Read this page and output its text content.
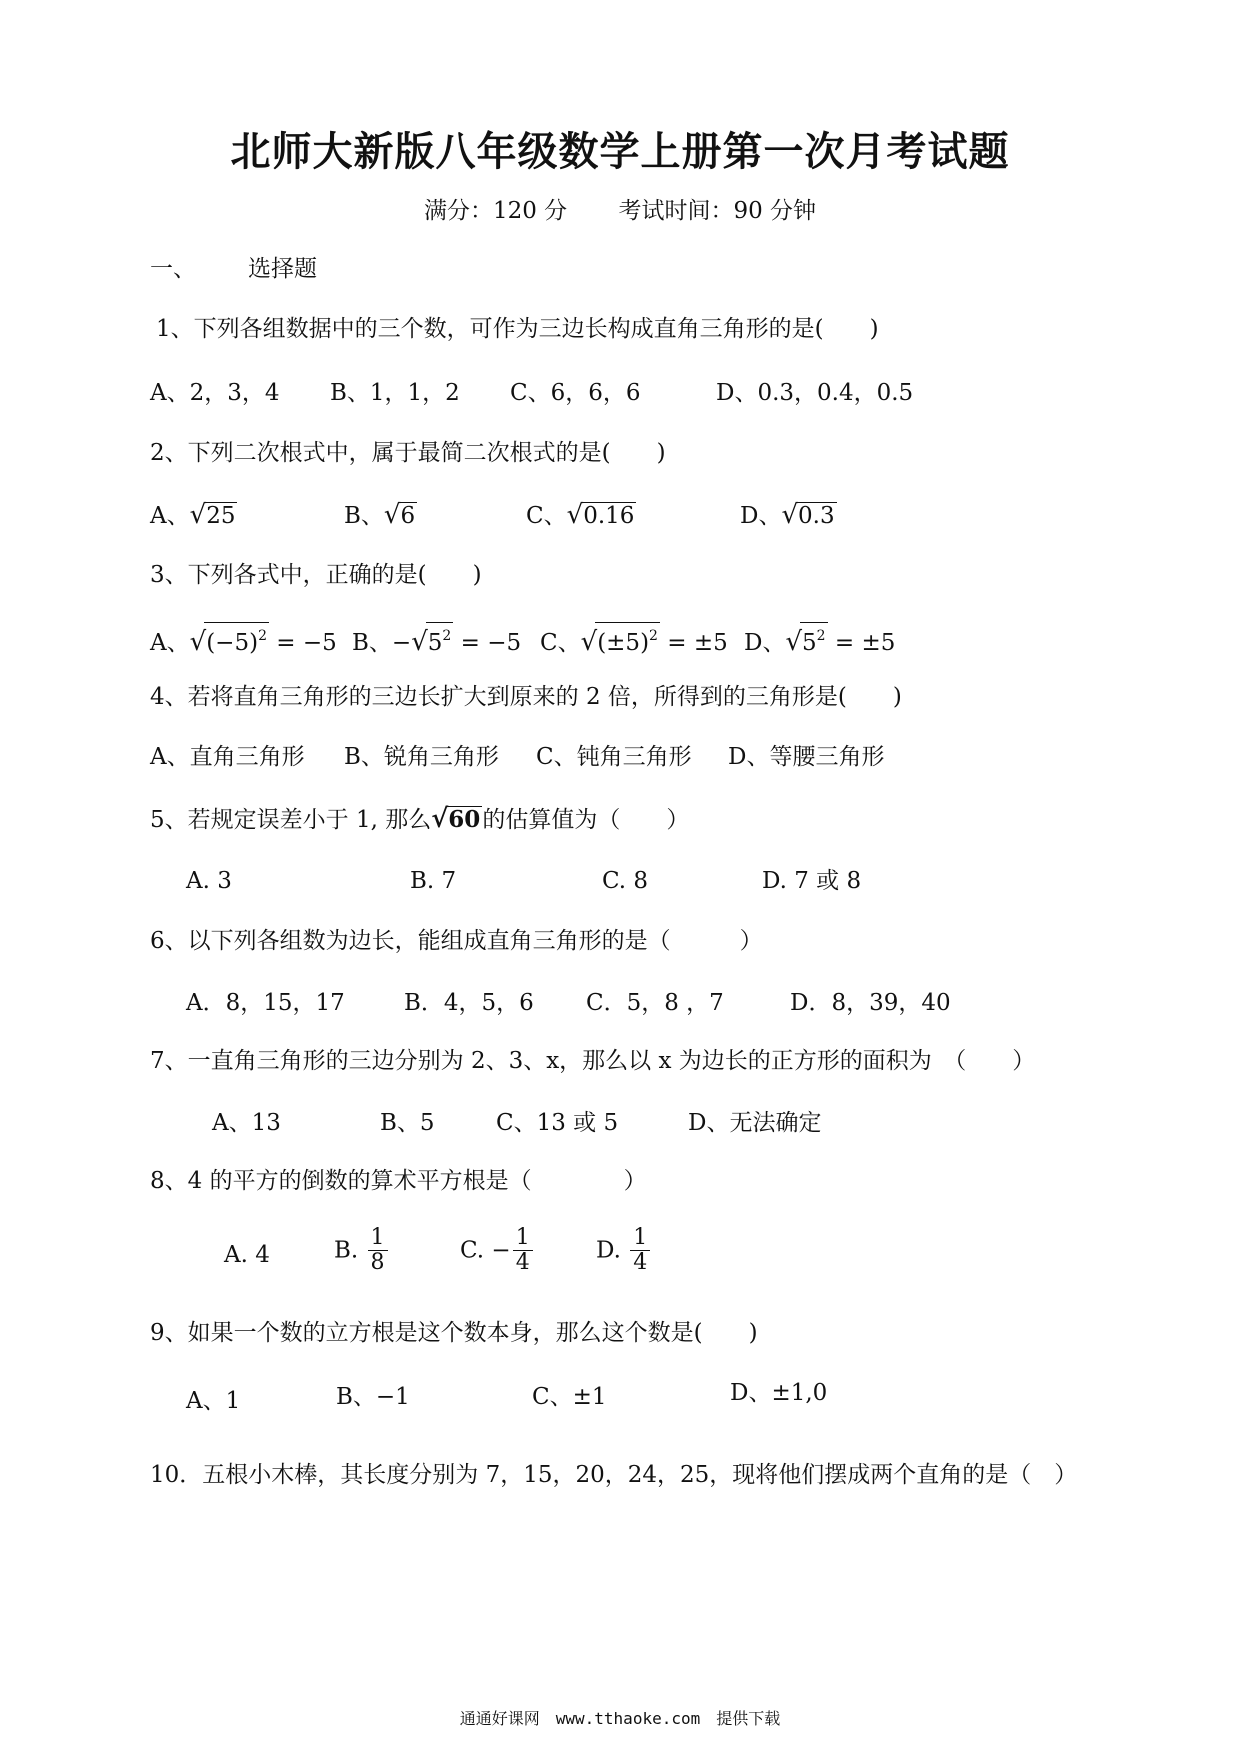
北师大新版八年级数学上册第一次月考试题
满分：120 分 考试时间：90 分钟
一、 选择题
1、下列各组数据中的三个数，可作为三边长构成直角三角形的是(　　)
A、2，3，4 B、1，1，2 C、6，6，6	D、0.3，0.4，0.5
2、下列二次根式中，属于最简二次根式的是(　　)
A、√25	B、√6	C、√0.16	D、√0.3
3、下列各式中，正确的是(　　)
A、$√(-5)^2 = -5$ B、$-√5^2 = -5$ C、$√(\pm 5)^2 = \pm 5$ D、$√5^2 = \pm 5$
4、若将直角三角形的三边长扩大到原来的 2 倍，所得到的三角形是(　　)
A、直角三角形 B、锐角三角形 C、钝角三角形 D、等腰三角形
5、若规定误差小于 1, 那么√60的估算值为（　　）
A. 3	B. 7	C. 8	D. 7 或 8
6、以下列各组数为边长，能组成直角三角形的是（　　　）
A．8，15，17	B．4，5，6 C．5，8 ，7	D．8，39，40
7、一直角三角形的三边分别为 2、3、x，那么以 x 为边长的正方形的面积为　（　　）
A、13	B、5	C、13 或 5	D、无法确定
8、4 的平方的倒数的算术平方根是（　　　　）
A. 4	B. $\frac{1}{8}$	C. − $\frac{1}{4}$	D. $\frac{1}{4}$
9、如果一个数的立方根是这个数本身，那么这个数是(　　)
A、1	B、−1	C、±1	D、±1,0
10．五根小木棒，其长度分别为 7，15，20，24，25，现将他们摆成两个直角的是（　）
通通好课网　www.tthaoke.com　提供下载
